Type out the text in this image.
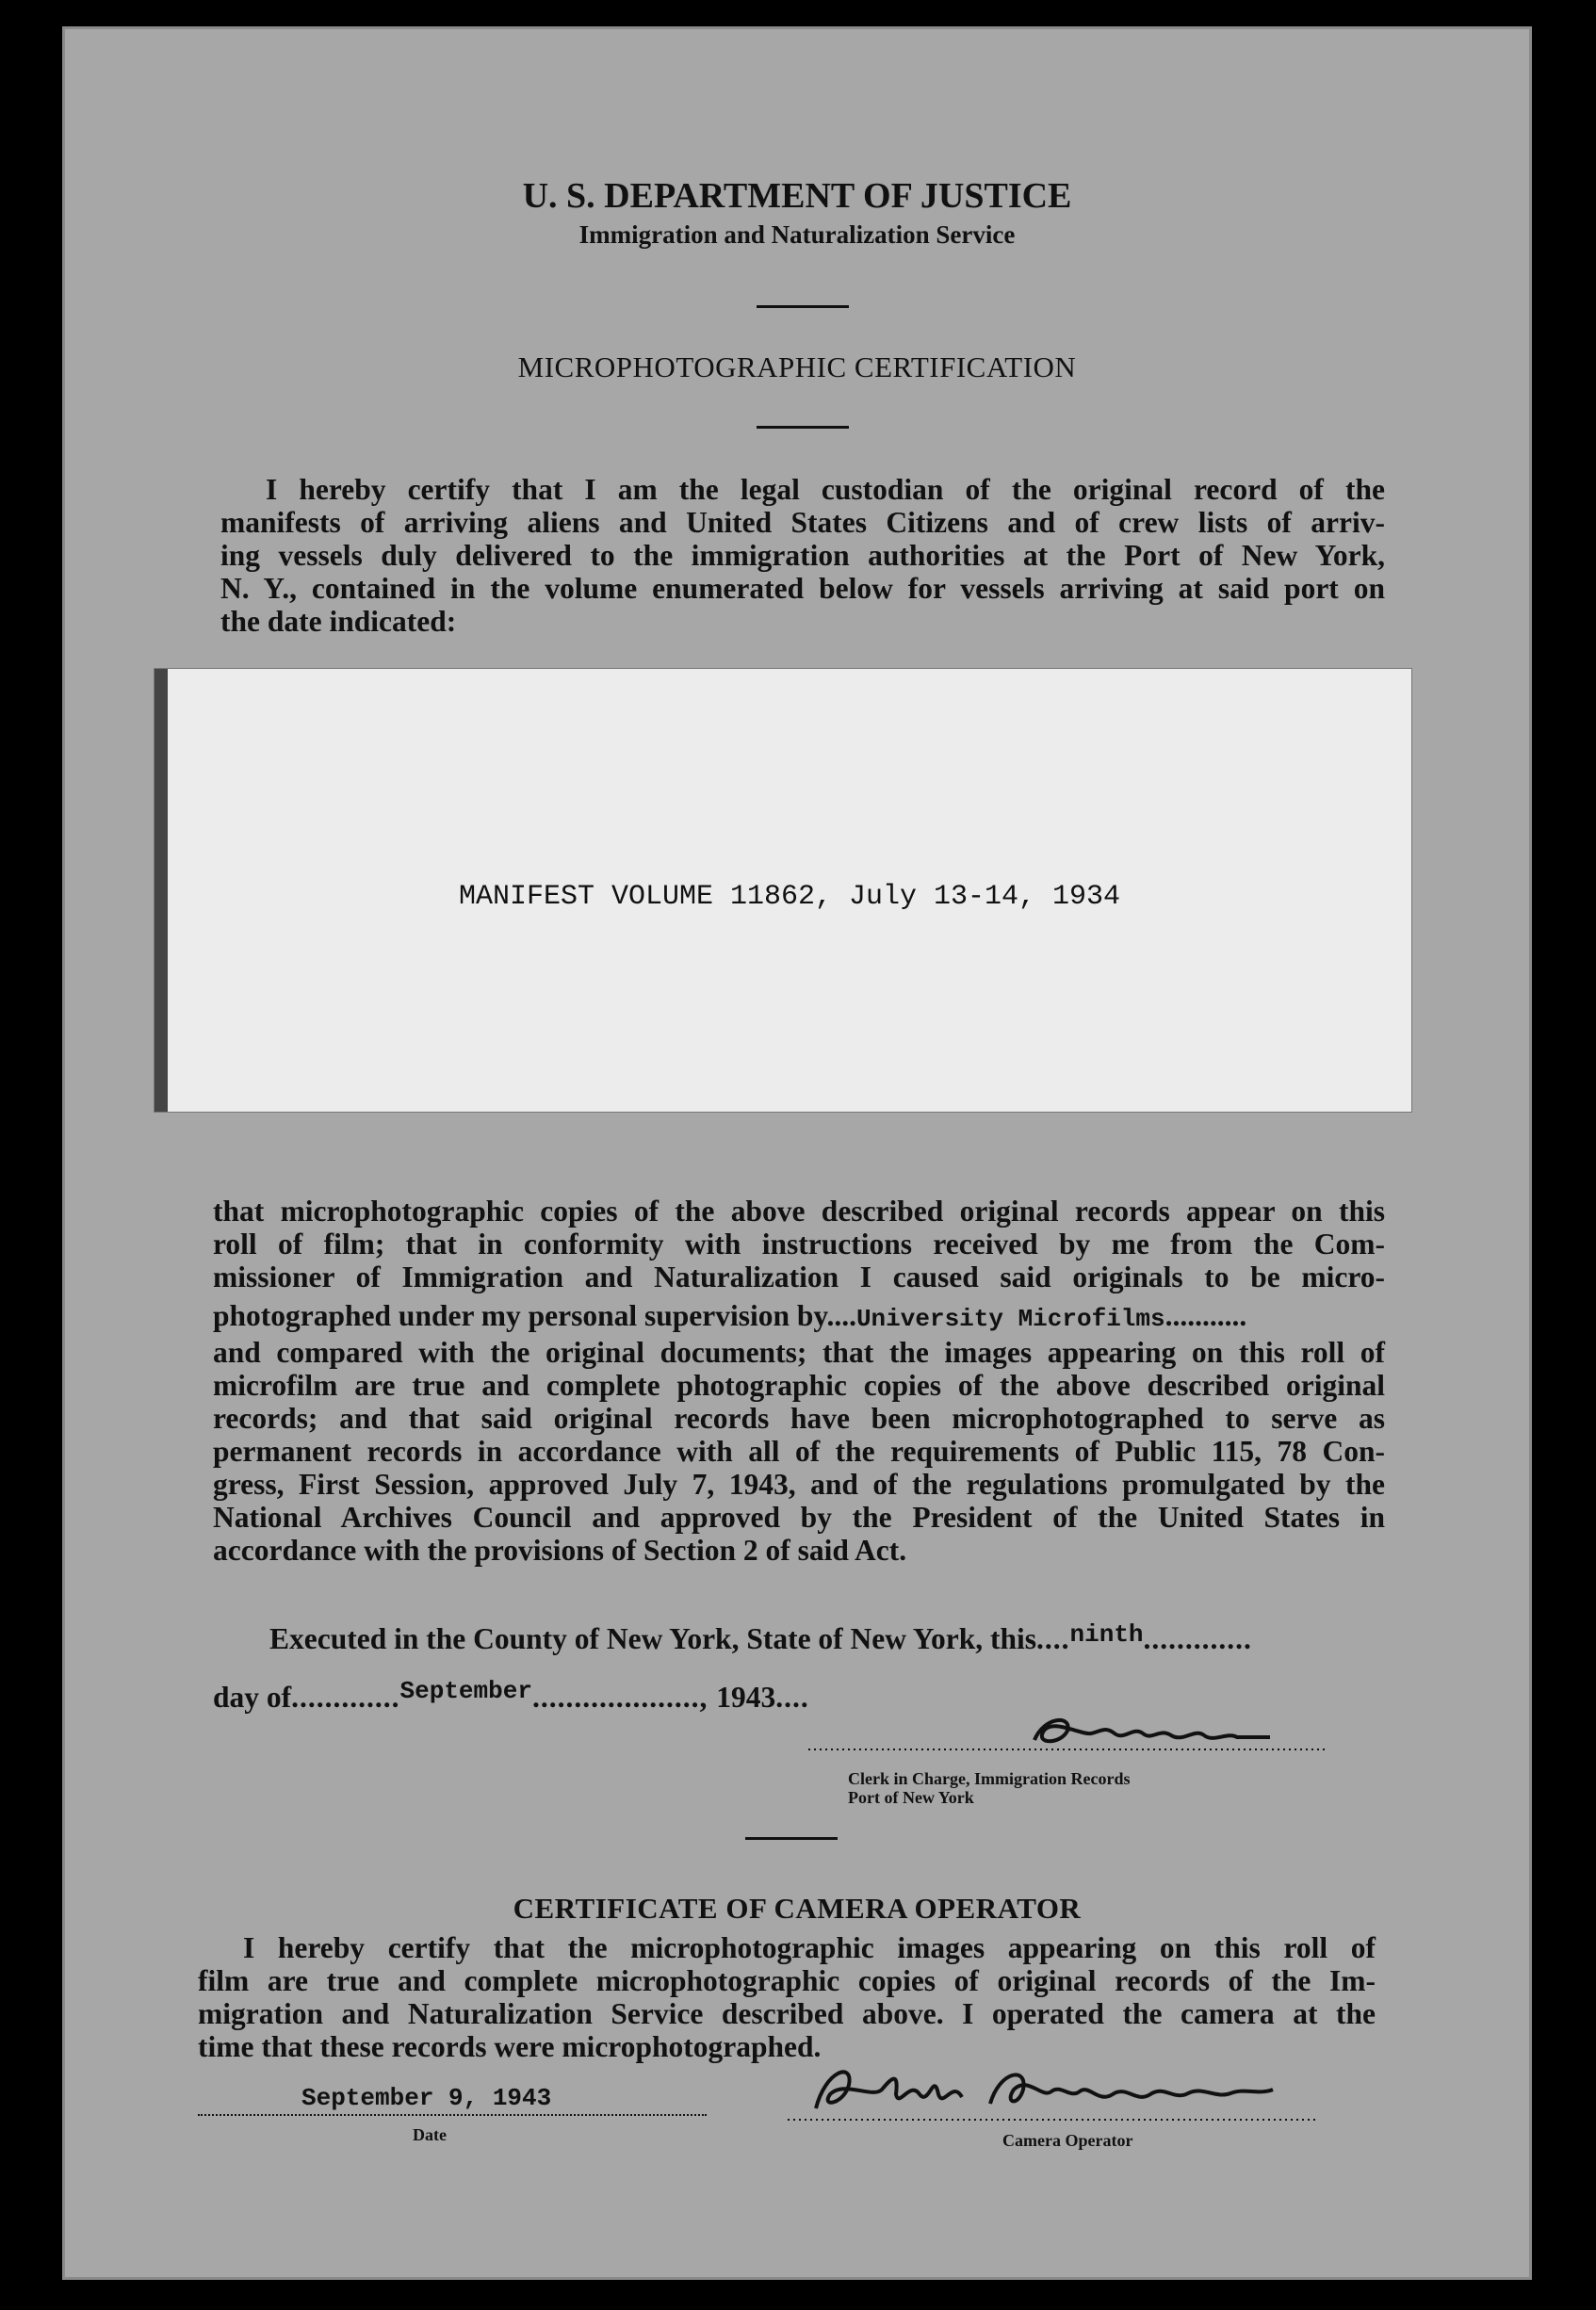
U. S. DEPARTMENT OF JUSTICE
Immigration and Naturalization Service
MICROPHOTOGRAPHIC CERTIFICATION
I hereby certify that I am the legal custodian of the original record of the
manifests of arriving aliens and United States Citizens and of crew lists of arriv-
ing vessels duly delivered to the immigration authorities at the Port of New York,
N. Y., contained in the volume enumerated below for vessels arriving at said port on
the date indicated:
MANIFEST VOLUME 11862, July 13-14, 1934
that microphotographic copies of the above described original records appear on this
roll of film; that in conformity with instructions received by me from the Com-
missioner of Immigration and Naturalization I caused said originals to be micro-
photographed under my personal supervision by....University Microfilms...........
and compared with the original documents; that the images appearing on this roll of
microfilm are true and complete photographic copies of the above described original
records; and that said original records have been microphotographed to serve as
permanent records in accordance with all of the requirements of Public 115, 78 Con-
gress, First Session, approved July 7, 1943, and of the regulations promulgated by the
National Archives Council and approved by the President of the United States in
accordance with the provisions of Section 2 of said Act.
Executed in the County of New York, State of New York, this....$^{ninth}$.............
day of.............$^{September}$...................., 1943....
Clerk in Charge, Immigration Records
Port of New York
CERTIFICATE OF CAMERA OPERATOR
I hereby certify that the microphotographic images appearing on this roll of
film are true and complete microphotographic copies of original records of the Im-
migration and Naturalization Service described above. I operated the camera at the
time that these records were microphotographed.
September 9, 1943
Date	Camera Operator
